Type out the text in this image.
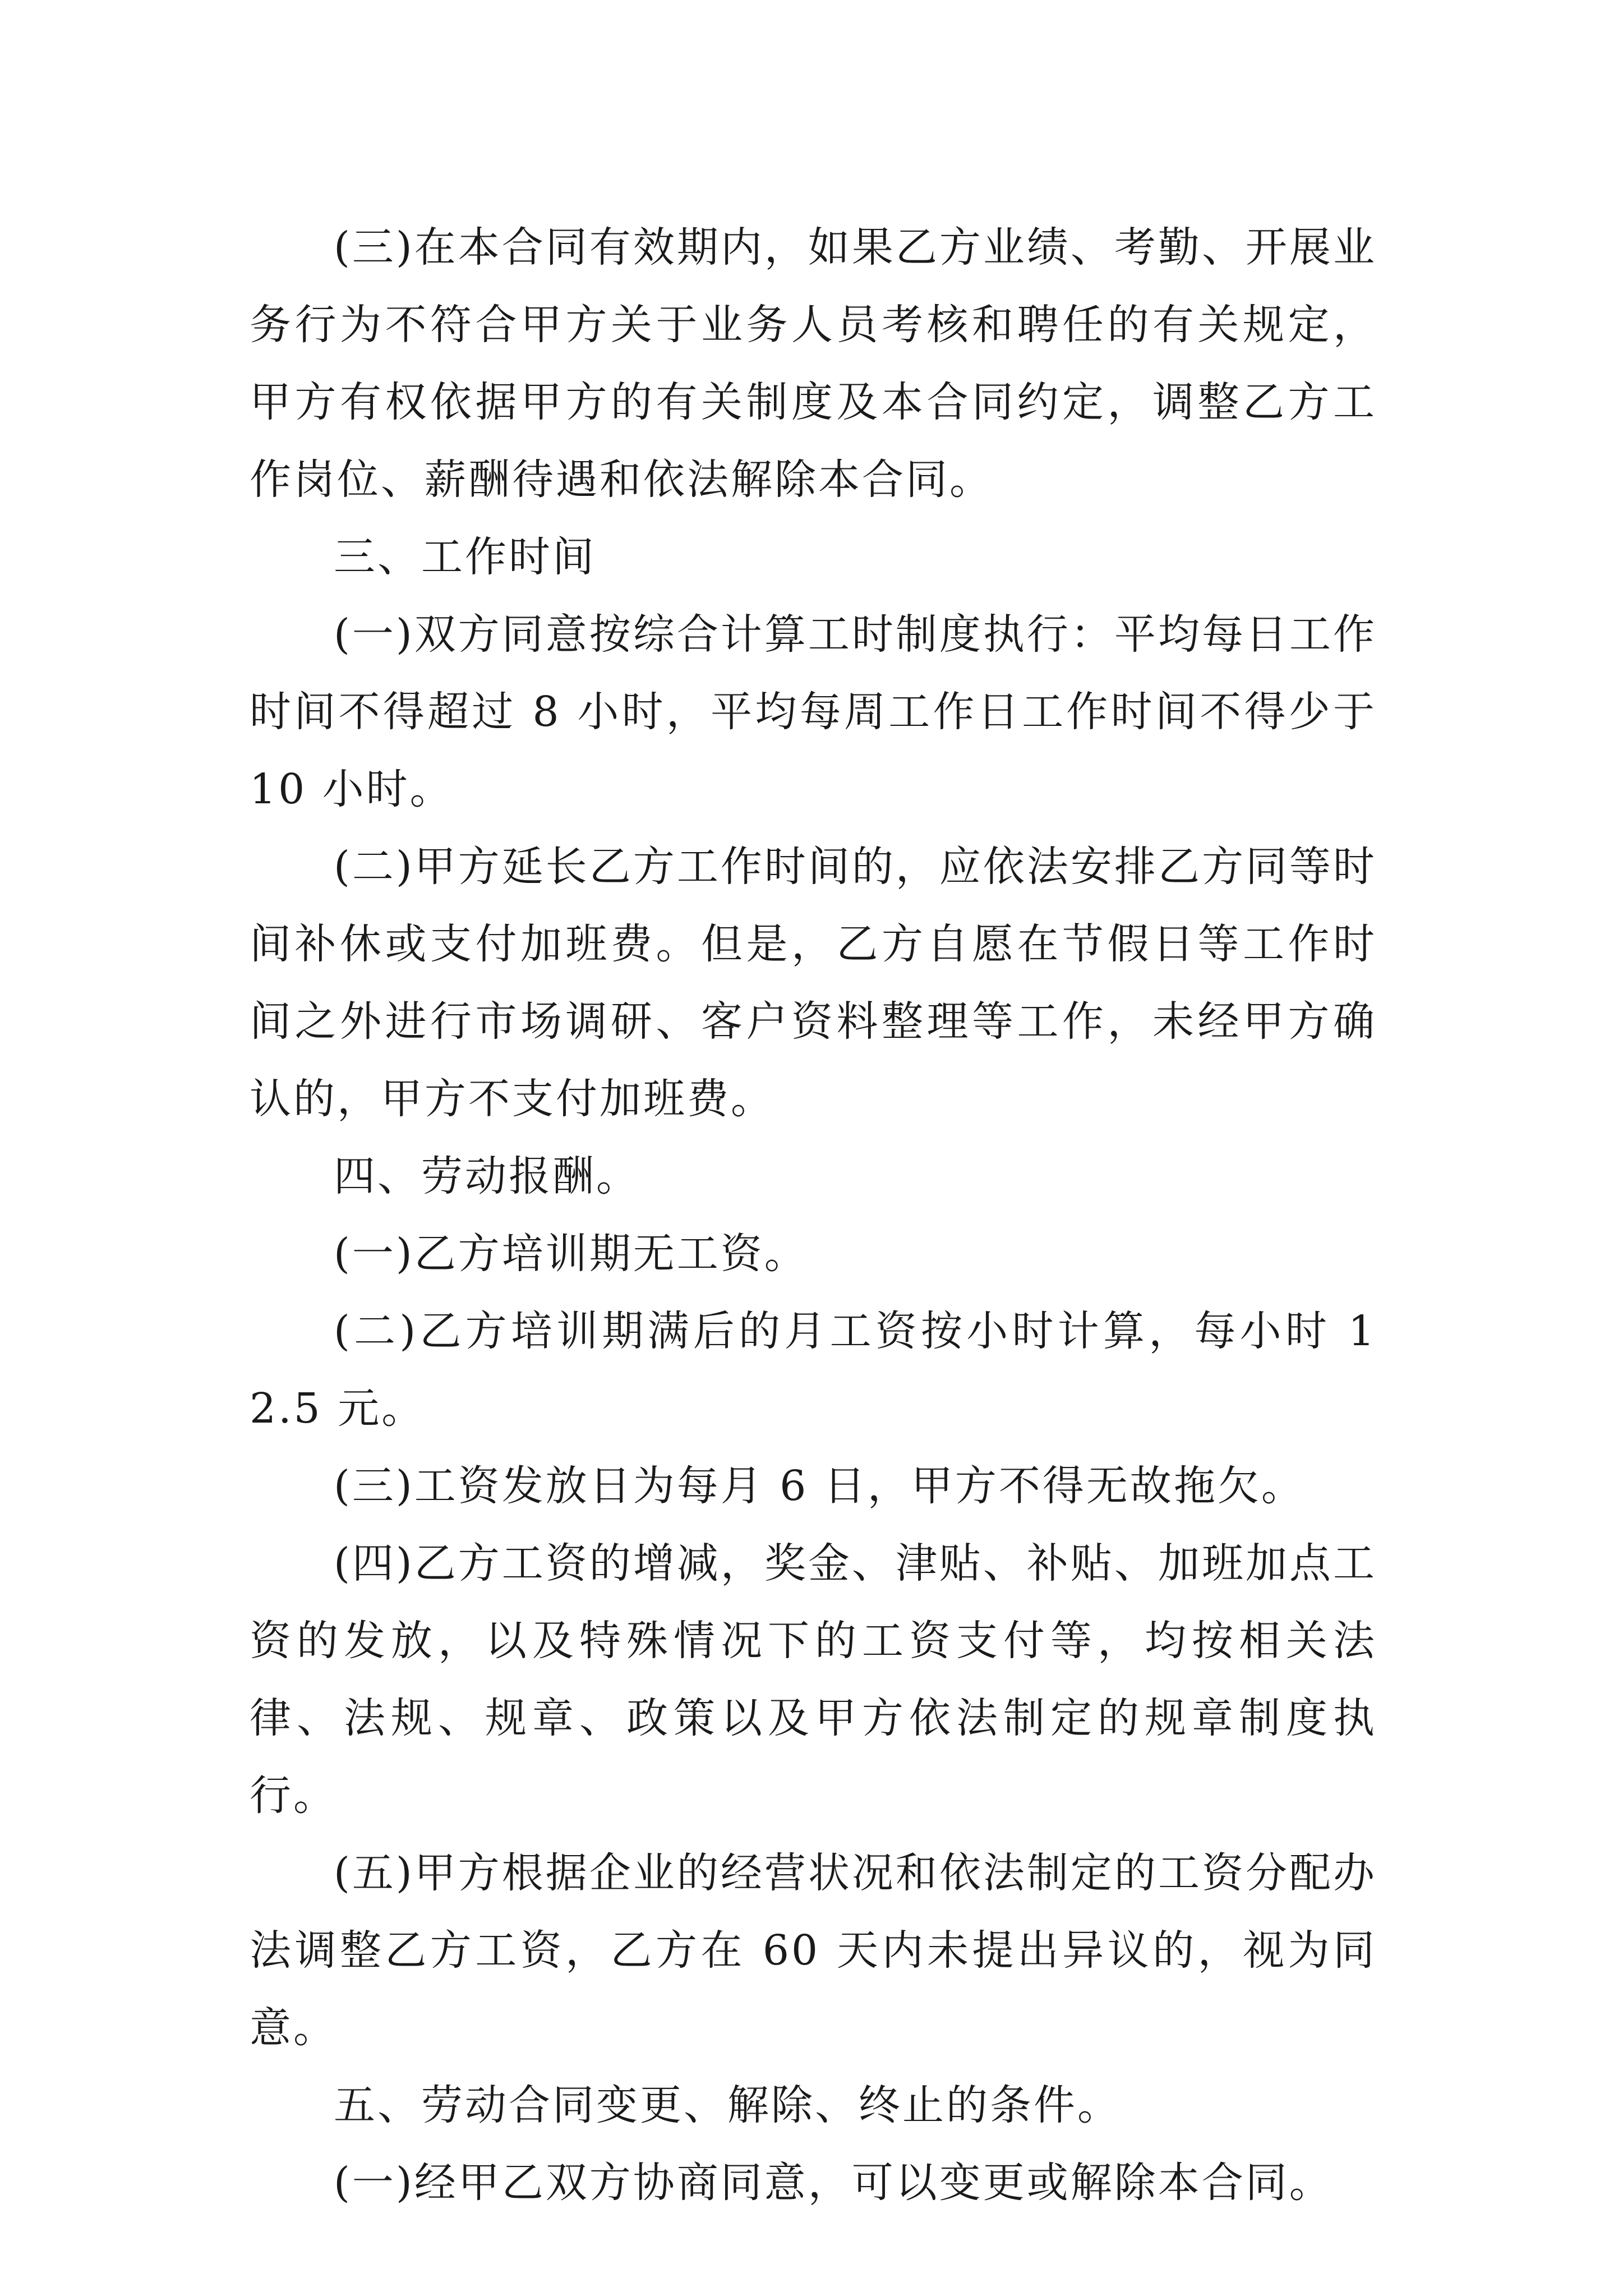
(三)在本合同有效期内，如果乙方业绩、考勤、开展业务行为不符合甲方关于业务人员考核和聘任的有关规定，甲方有权依据甲方的有关制度及本合同约定，调整乙方工作岗位、薪酬待遇和依法解除本合同。

三、工作时间

(一)双方同意按综合计算工时制度执行：平均每日工作时间不得超过 8 小时，平均每周工作日工作时间不得少于 10 小时。

(二)甲方延长乙方工作时间的，应依法安排乙方同等时间补休或支付加班费。但是，乙方自愿在节假日等工作时间之外进行市场调研、客户资料整理等工作，未经甲方确认的，甲方不支付加班费。

四、劳动报酬。

(一)乙方培训期无工资。

(二)乙方培训期满后的月工资按小时计算，每小时 12.5 元。

(三)工资发放日为每月 6 日，甲方不得无故拖欠。

(四)乙方工资的增减，奖金、津贴、补贴、加班加点工资的发放，以及特殊情况下的工资支付等，均按相关法律、法规、规章、政策以及甲方依法制定的规章制度执行。

(五)甲方根据企业的经营状况和依法制定的工资分配办法调整乙方工资，乙方在 60 天内未提出异议的，视为同意。

五、劳动合同变更、解除、终止的条件。

(一)经甲乙双方协商同意，可以变更或解除本合同。
